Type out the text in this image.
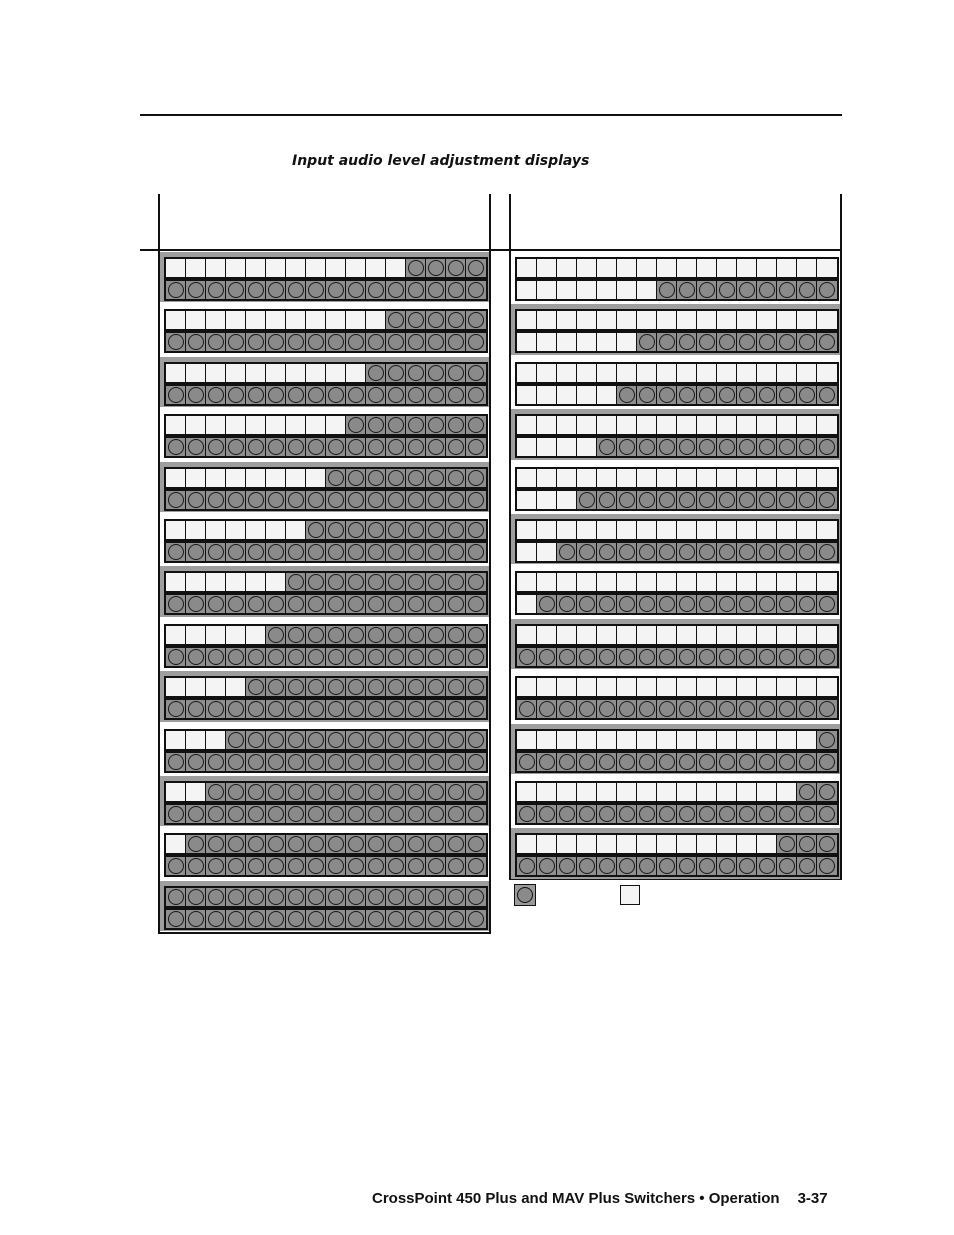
Input audio level adjustment displays
CrossPoint 450 Plus and MAV Plus Switchers • Operation 3-37
